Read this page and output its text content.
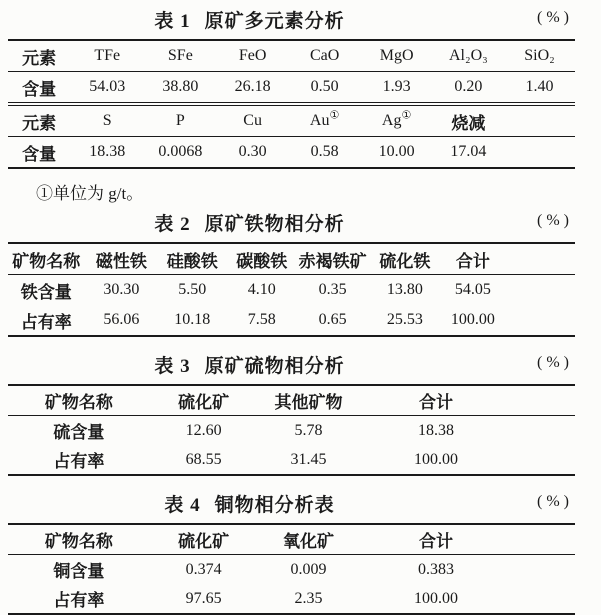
表 1 原矿多元素分析	(%)
元素	TFe	SFe	FeO	CaO	MgO	Al₂O₃	SiO₂
含量	54.03	38.80	26.18	0.50	1.93	0.20	1.40
元素	S	P	Cu	Au①	Ag①	烧减	
含量	18.38	0.0068	0.30	0.58	10.00	17.04	
①单位为 g/t。
表 2 原矿铁物相分析	(%)
矿物名称	磁性铁	硅酸铁	碳酸铁	赤褐铁矿	硫化铁	合计	
铁含量	30.30	5.50	4.10	0.35	13.80	54.05	
占有率	56.06	10.18	7.58	0.65	25.53	100.00	
表 3 原矿硫物相分析	(%)
矿物名称	硫化矿	其他矿物	合计	
硫含量	12.60	5.78	18.38	
占有率	68.55	31.45	100.00	
表 4 铜物相分析表	(%)
矿物名称	硫化矿	氧化矿	合计	
铜含量	0.374	0.009	0.383	
占有率	97.65	2.35	100.00	
